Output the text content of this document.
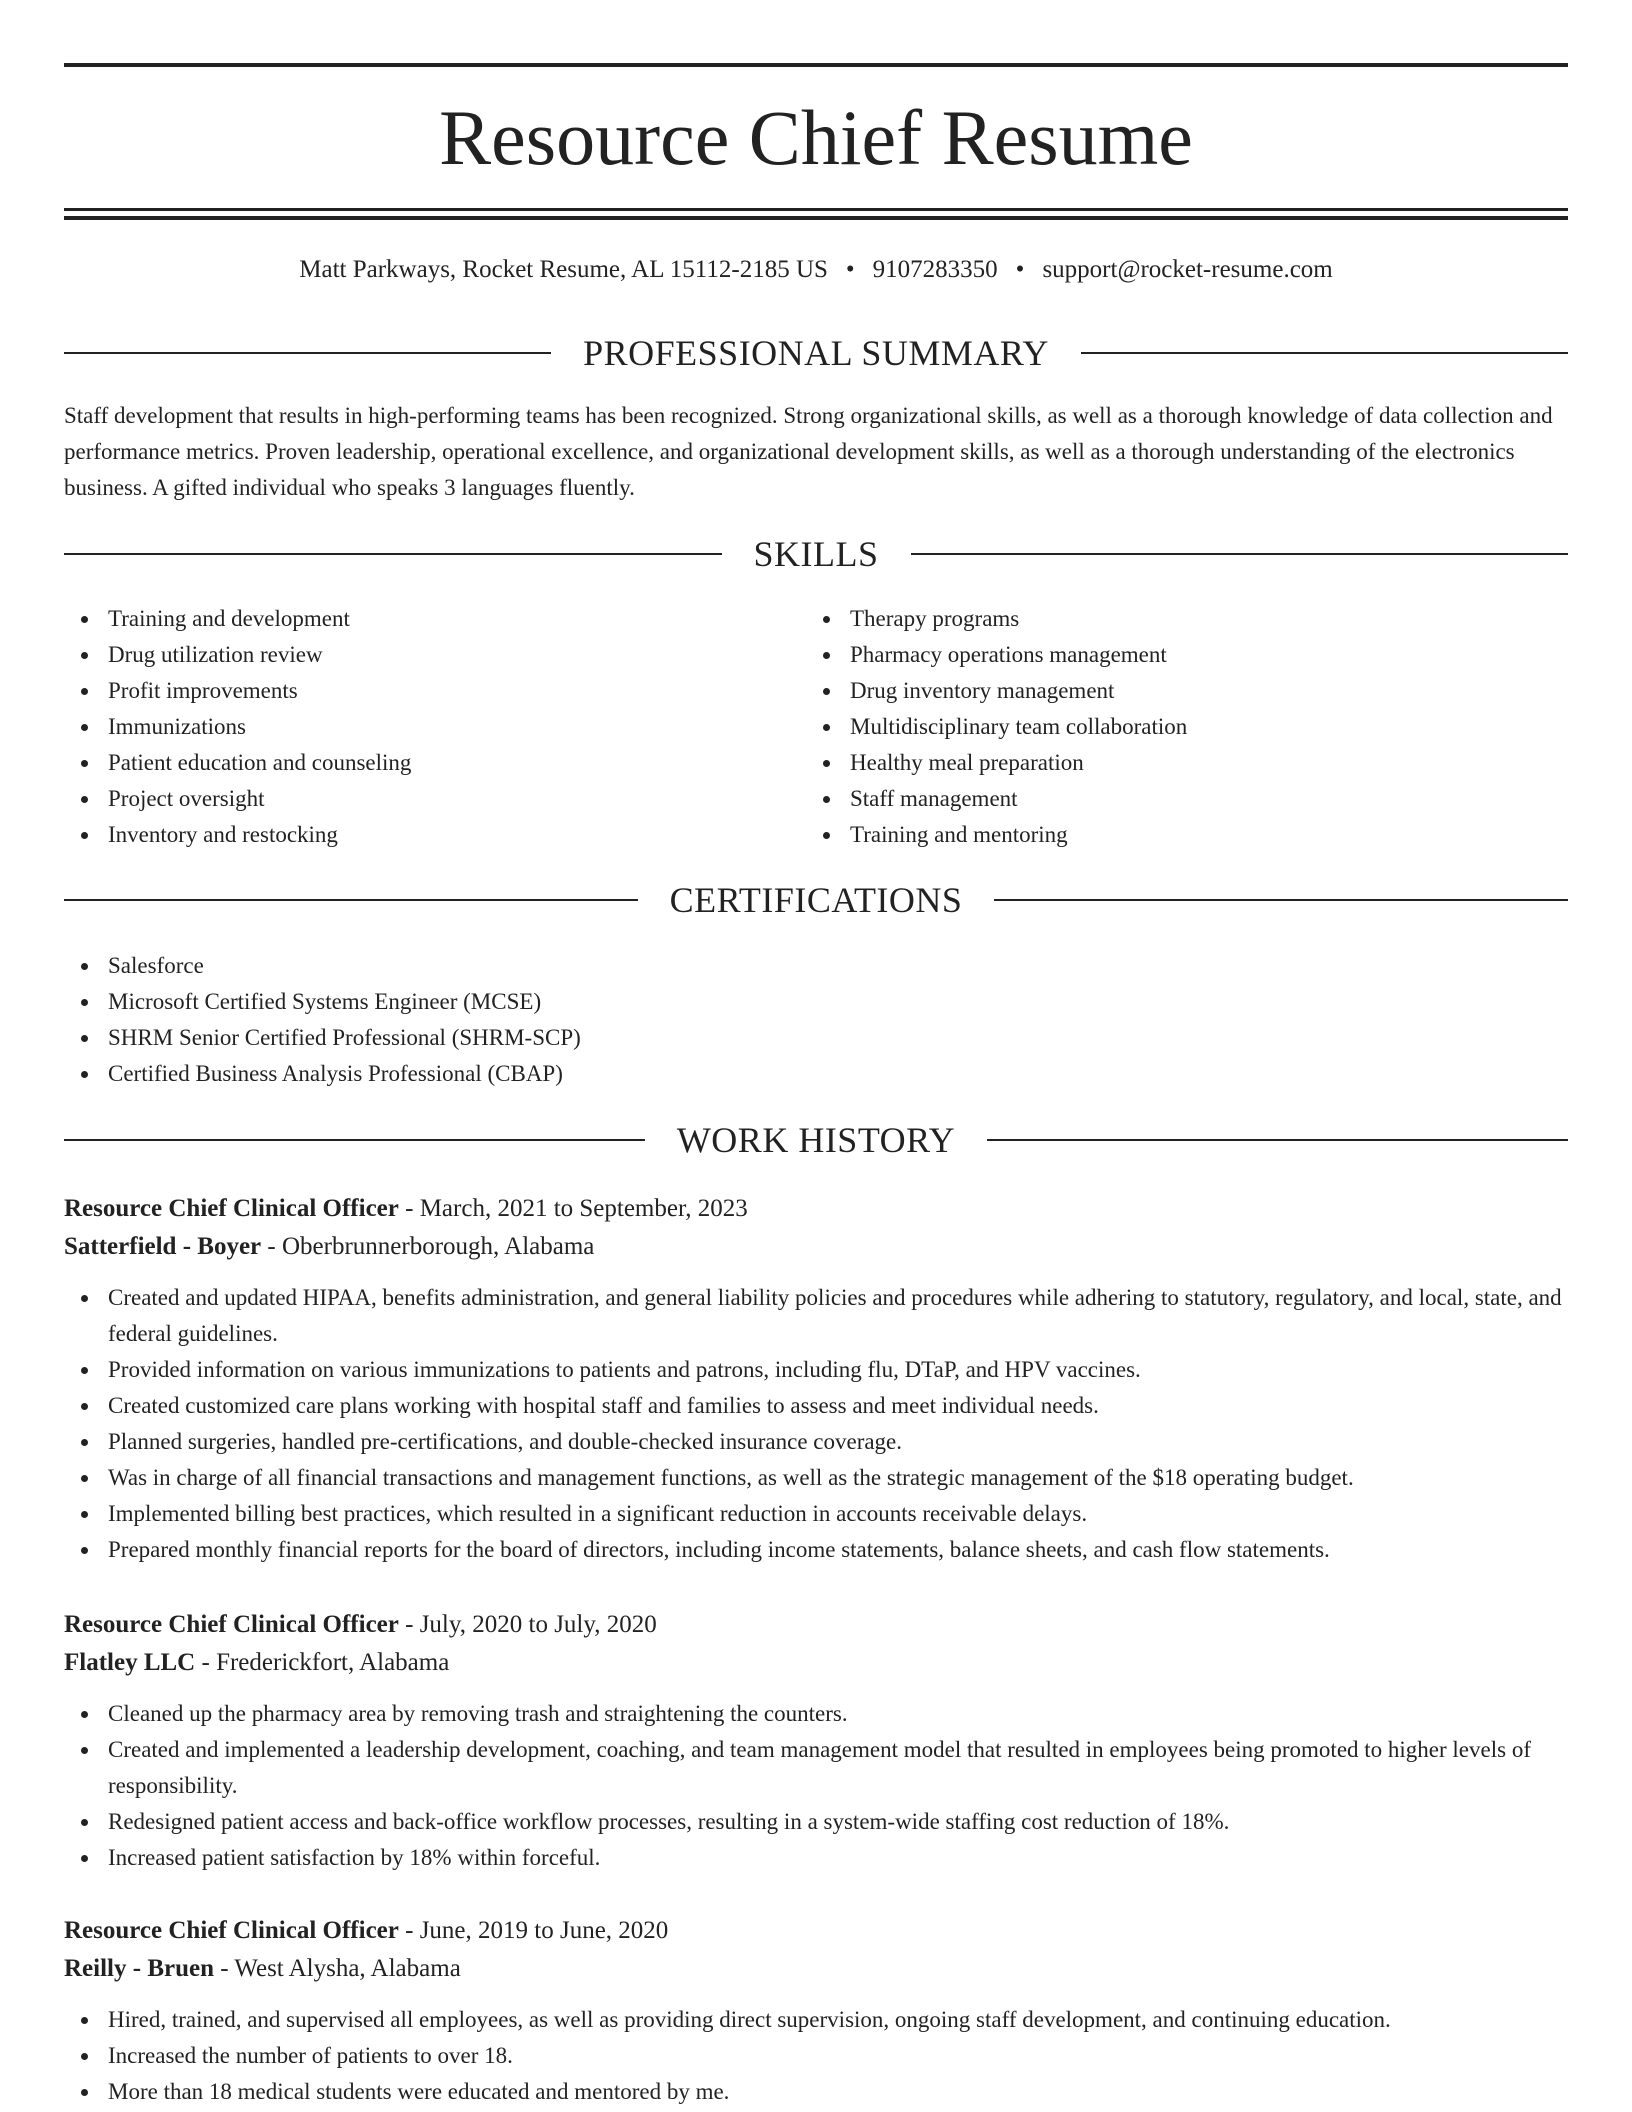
Resource Chief Resume
Matt Parkways, Rocket Resume, AL 15112-2185 US • 9107283350 • support@rocket-resume.com
PROFESSIONAL SUMMARY

Staff development that results in high-performing teams has been recognized. Strong organizational skills, as well as a thorough knowledge of data collection and performance metrics. Proven leadership, operational excellence, and organizational development skills, as well as a thorough understanding of the electronics business. A gifted individual who speaks 3 languages fluently.

SKILLS
Training and development
Drug utilization review
Profit improvements
Immunizations
Patient education and counseling
Project oversight
Inventory and restocking
Therapy programs
Pharmacy operations management
Drug inventory management
Multidisciplinary team collaboration
Healthy meal preparation
Staff management
Training and mentoring
CERTIFICATIONS
Salesforce
Microsoft Certified Systems Engineer (MCSE)
SHRM Senior Certified Professional (SHRM-SCP)
Certified Business Analysis Professional (CBAP)
WORK HISTORY
Resource Chief Clinical Officer - March, 2021 to September, 2023
Satterfield - Boyer - Oberbrunnerborough, Alabama
Created and updated HIPAA, benefits administration, and general liability policies and procedures while adhering to statutory, regulatory, and local, state, and federal guidelines.
Provided information on various immunizations to patients and patrons, including flu, DTaP, and HPV vaccines.
Created customized care plans working with hospital staff and families to assess and meet individual needs.
Planned surgeries, handled pre-certifications, and double-checked insurance coverage.
Was in charge of all financial transactions and management functions, as well as the strategic management of the $18 operating budget.
Implemented billing best practices, which resulted in a significant reduction in accounts receivable delays.
Prepared monthly financial reports for the board of directors, including income statements, balance sheets, and cash flow statements.
Resource Chief Clinical Officer - July, 2020 to July, 2020
Flatley LLC - Frederickfort, Alabama
Cleaned up the pharmacy area by removing trash and straightening the counters.
Created and implemented a leadership development, coaching, and team management model that resulted in employees being promoted to higher levels of responsibility.
Redesigned patient access and back-office workflow processes, resulting in a system-wide staffing cost reduction of 18%.
Increased patient satisfaction by 18% within forceful.
Resource Chief Clinical Officer - June, 2019 to June, 2020
Reilly - Bruen - West Alysha, Alabama
Hired, trained, and supervised all employees, as well as providing direct supervision, ongoing staff development, and continuing education.
Increased the number of patients to over 18.
More than 18 medical students were educated and mentored by me.
